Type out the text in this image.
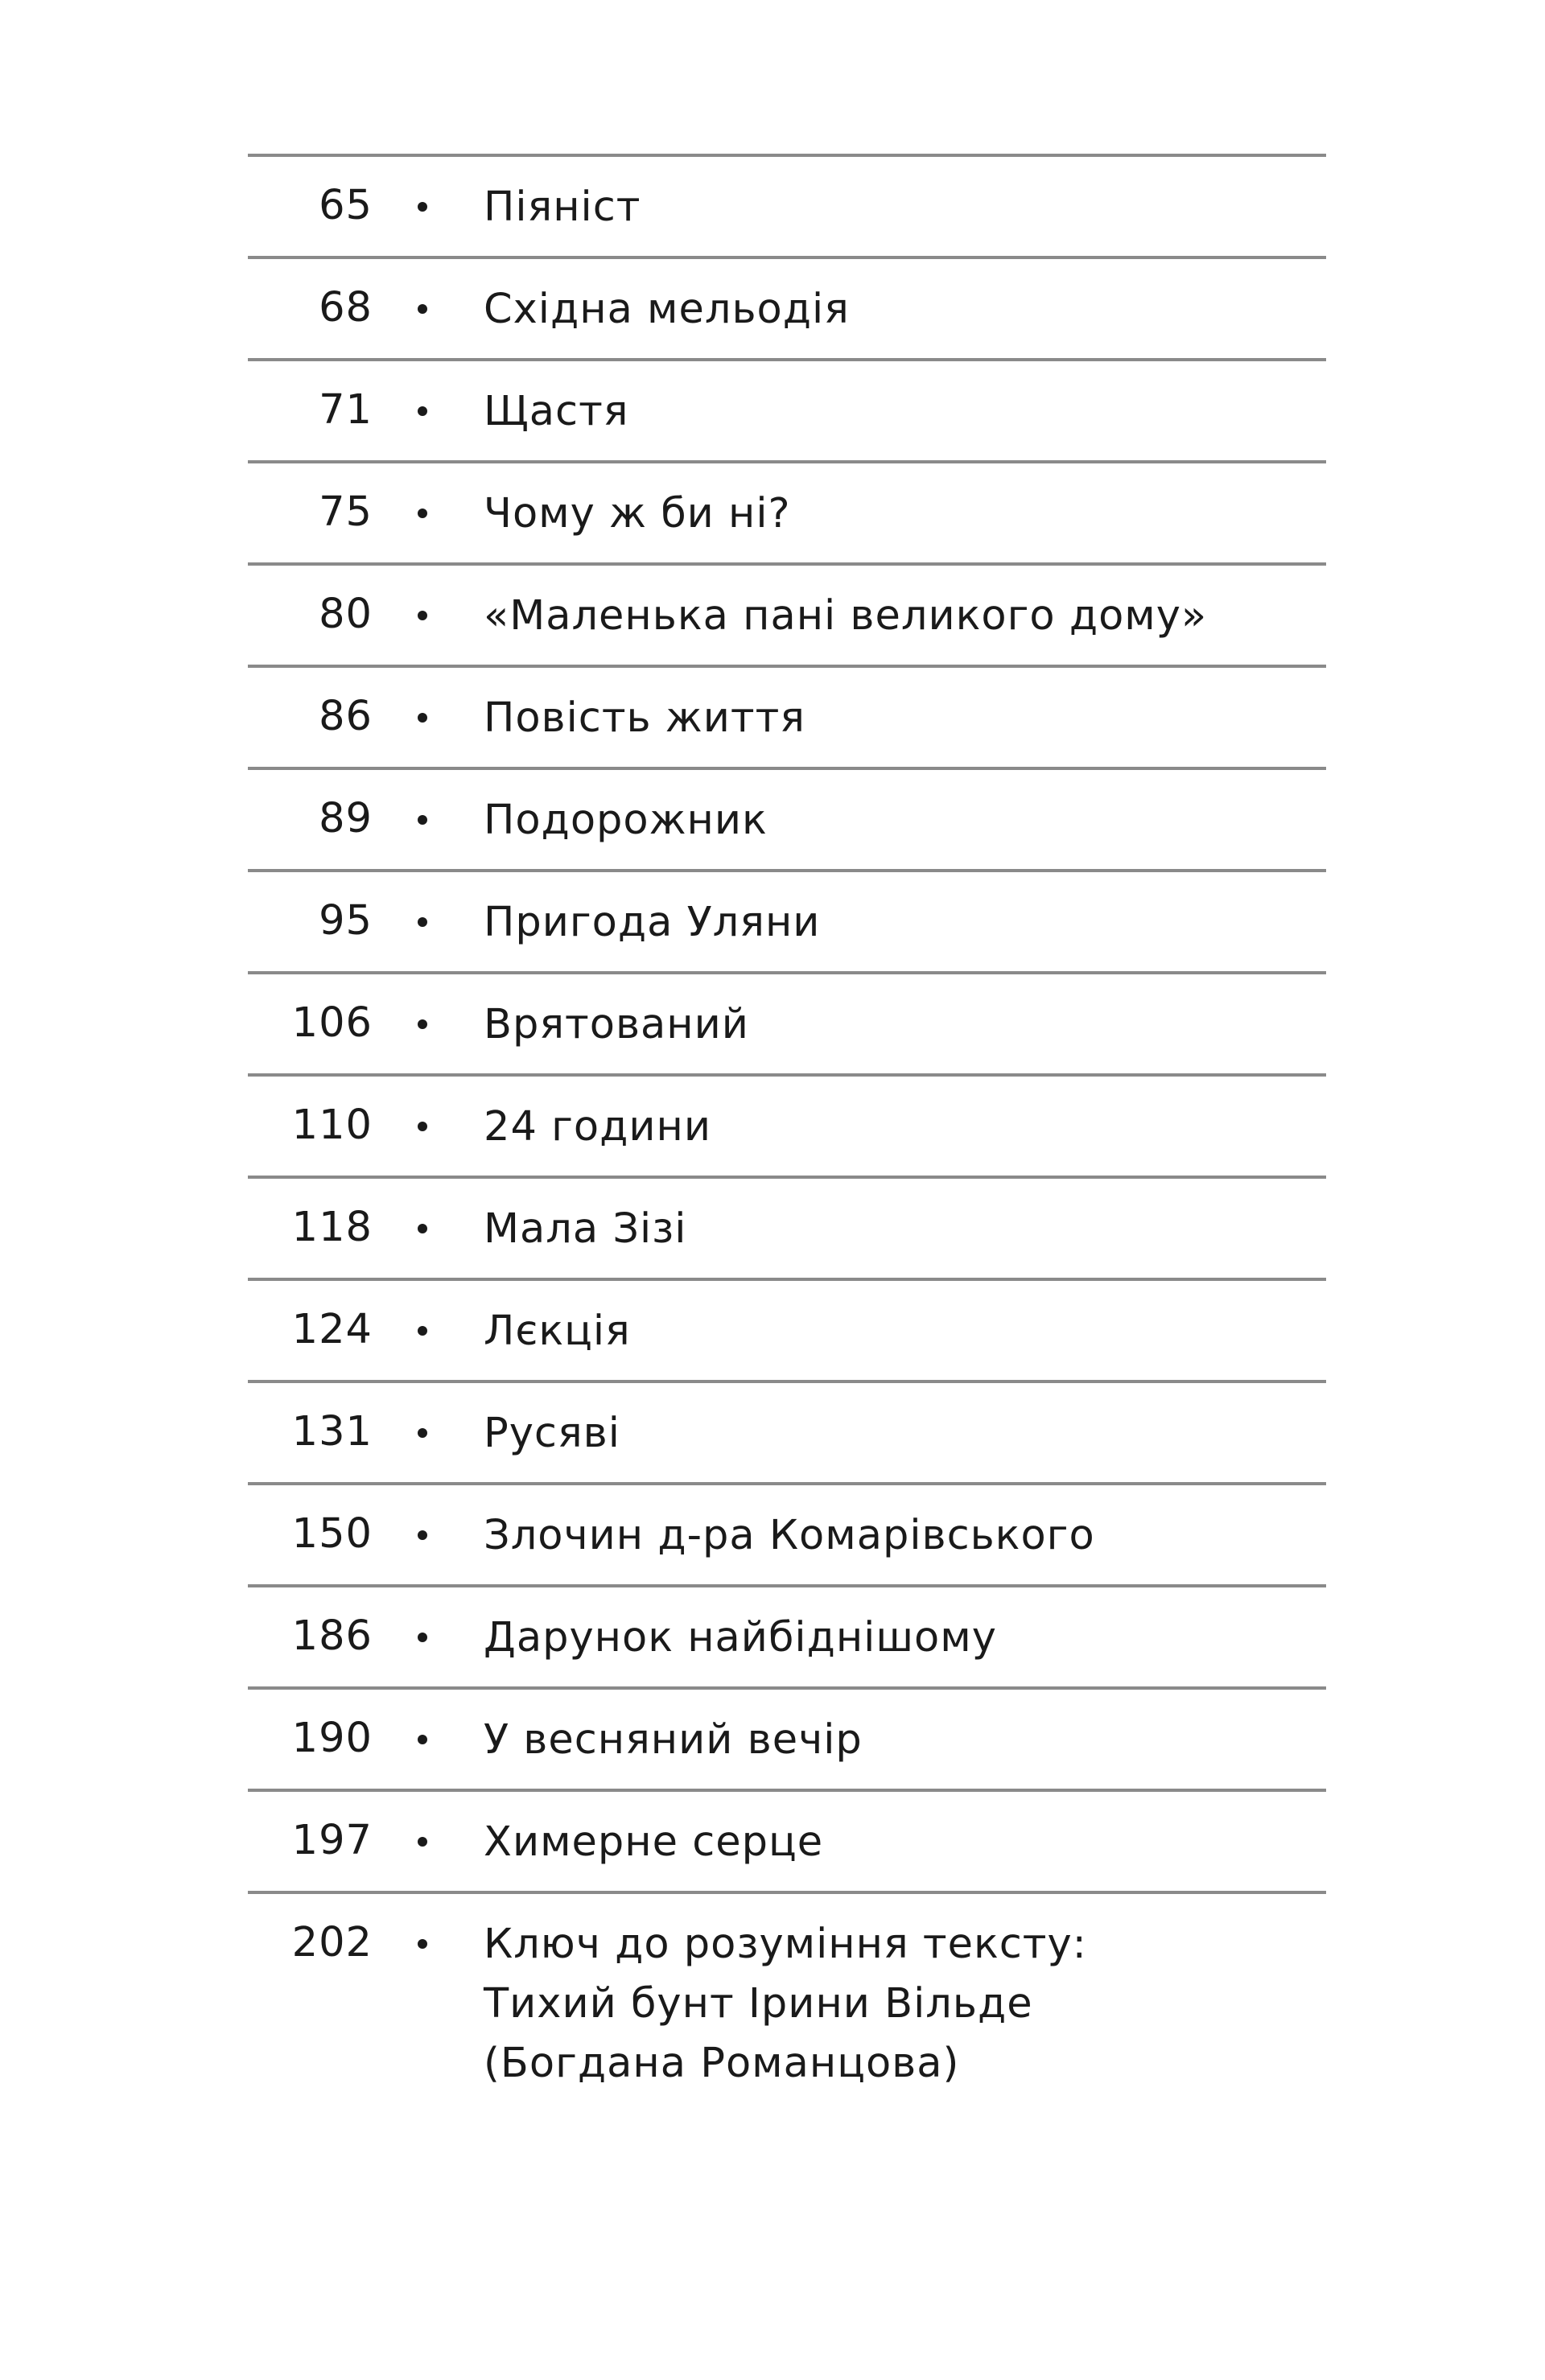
65	Піяніст
68	Східна мельодія
71	Щастя
75	Чому ж би ні?
80	«Маленька пані великого дому»
86	Повість життя
89	Подорожник
95	Пригода Уляни
106	Врятований
110	24 години
118	Мала Зізі
124	Лєкція
131	Русяві
150	Злочин д-ра Комарівського
186	Дарунок найбіднішому
190	У весняний вечір
197	Химерне серце
202	Ключ до розуміння тексту:
Тихий бунт Ірини Вільде
(Богдана Романцова)
